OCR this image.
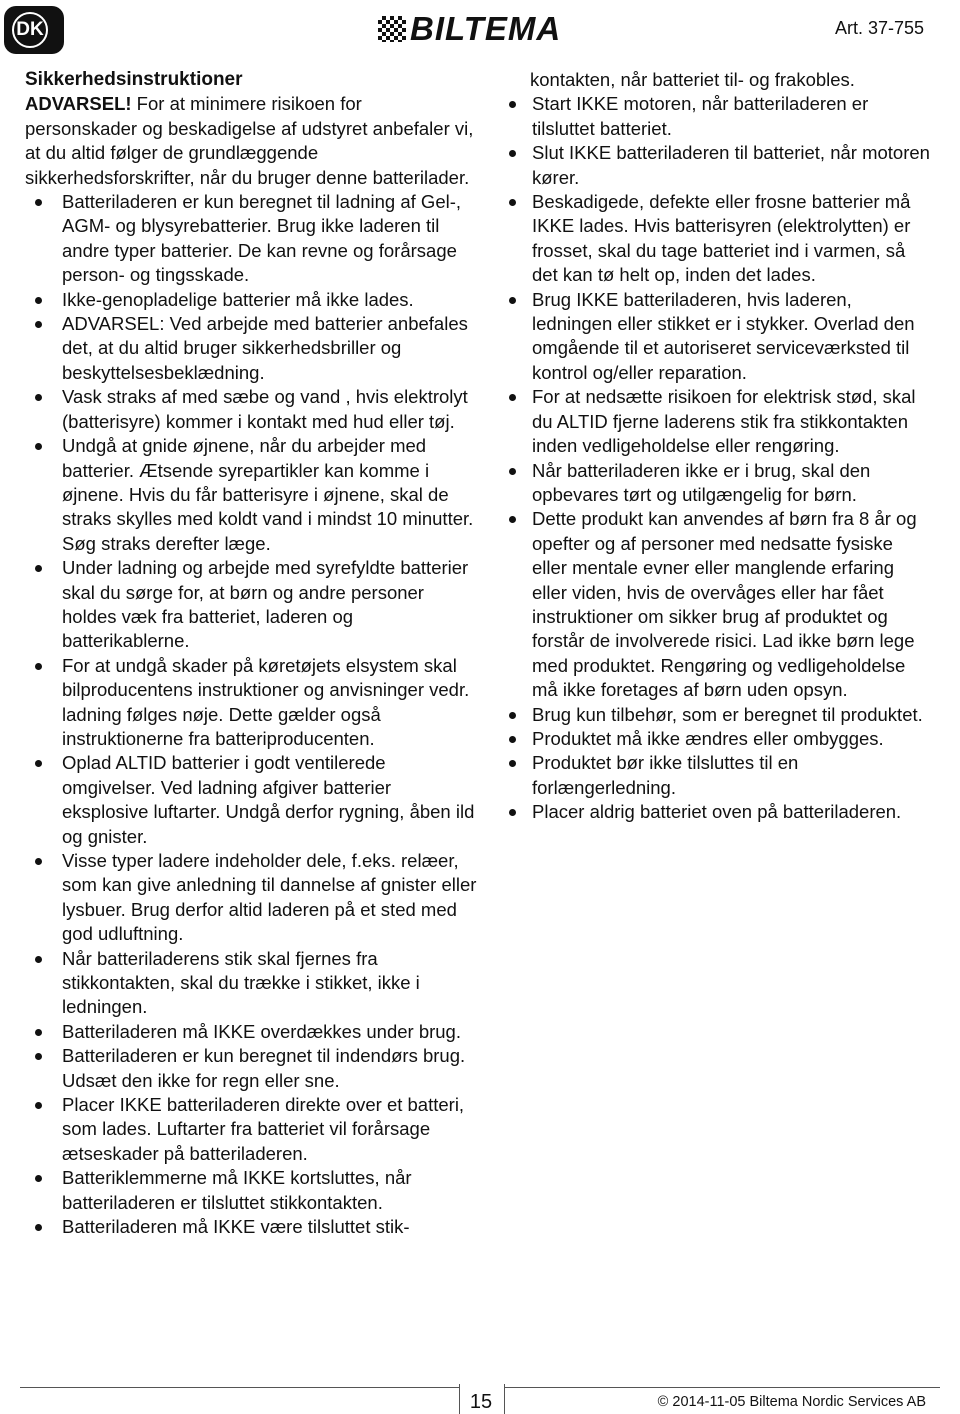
DK	BILTEMA	Art. 37-755

Sikkerhedsinstruktioner

ADVARSEL! For at minimere risikoen for personskader og beskadigelse af udstyret anbefaler vi, at du altid følger de grundlæggende sikkerhedsforskrifter, når du bruger denne batterilader.

Batteriladeren er kun beregnet til ladning af Gel-, AGM- og blysyrebatterier. Brug ikke laderen til andre typer batterier. De kan revne og forårsage person- og tingsskade.
Ikke-genopladelige batterier må ikke lades.
ADVARSEL: Ved arbejde med batterier anbefales det, at du altid bruger sikkerhedsbriller og beskyttelsesbeklædning.
Vask straks af med sæbe og vand , hvis elektrolyt (batterisyre) kommer i kontakt med hud eller tøj.
Undgå at gnide øjnene, når du arbejder med batterier. Ætsende syrepartikler kan komme i øjnene. Hvis du får batterisyre i øjnene, skal de straks skylles med koldt vand i mindst 10 minutter. Søg straks derefter læge.
Under ladning og arbejde med syrefyldte batterier skal du sørge for, at børn og andre personer holdes væk fra batteriet, laderen og batterikablerne.
For at undgå skader på køretøjets elsystem skal bilproducentens instruktioner og anvisninger vedr. ladning følges nøje. Dette gælder også instruktionerne fra batteriproducenten.
Oplad ALTID batterier i godt ventilerede omgivelser. Ved ladning afgiver batterier eksplosive luftarter. Undgå derfor rygning, åben ild og gnister.
Visse typer ladere indeholder dele, f.eks. relæer, som kan give anledning til dannelse af gnister eller lysbuer. Brug derfor altid laderen på et sted med god udluftning.
Når batteriladerens stik skal fjernes fra stikkontakten, skal du trække i stikket, ikke i ledningen.
Batteriladeren må IKKE overdækkes under brug.
Batteriladeren er kun beregnet til indendørs brug. Udsæt den ikke for regn eller sne.
Placer IKKE batteriladeren direkte over et batteri, som lades. Luftarter fra batteriet vil forårsage ætseskader på batteriladeren.
Batteriklemmerne må IKKE kortsluttes, når batteriladeren er tilsluttet stikkontakten.
Batteriladeren må IKKE være tilsluttet stik-

kontakten, når batteriet til- og frakobles.

Start IKKE motoren, når batteriladeren er tilsluttet batteriet.
Slut IKKE batteriladeren til batteriet, når motoren kører.
Beskadigede, defekte eller frosne batterier må IKKE lades. Hvis batterisyren (elektrolytten) er frosset, skal du tage batteriet ind i varmen, så det kan tø helt op, inden det lades.
Brug IKKE batteriladeren, hvis laderen, ledningen eller stikket er i stykker. Overlad den omgående til et autoriseret serviceværksted til kontrol og/eller reparation.
For at nedsætte risikoen for elektrisk stød, skal du ALTID fjerne laderens stik fra stikkontakten inden vedligeholdelse eller rengøring.
Når batteriladeren ikke er i brug, skal den opbevares tørt og utilgængelig for børn.
Dette produkt kan anvendes af børn fra 8 år og opefter og af personer med nedsatte fysiske eller mentale evner eller manglende erfaring eller viden, hvis de overvåges eller har fået instruktioner om sikker brug af produktet og forstår de involverede risici. Lad ikke børn lege med produktet. Rengøring og vedligeholdelse må ikke foretages af børn uden opsyn.
Brug kun tilbehør, som er beregnet til produktet.
Produktet må ikke ændres eller ombygges.
Produktet bør ikke tilsluttes til en forlængerledning.
Placer aldrig batteriet oven på batteriladeren.
15	© 2014-11-05 Biltema Nordic Services AB
